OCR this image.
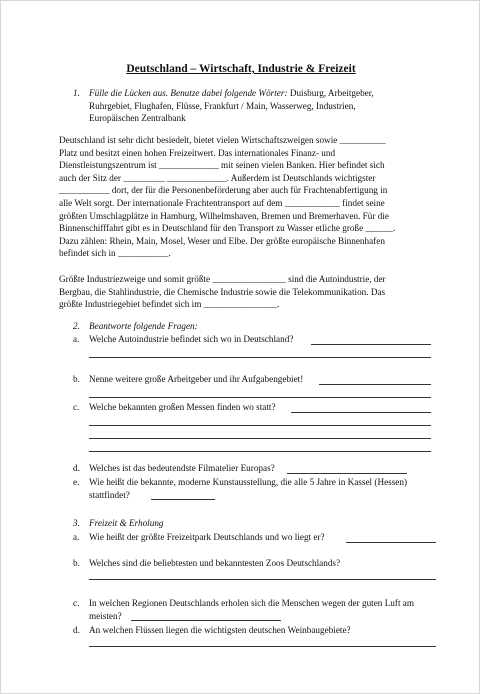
Deutschland – Wirtschaft, Industrie & Freizeit
1. Fülle die Lücken aus. Benutze dabei folgende Wörter: Duisburg, Arbeitgeber,
Ruhrgebiet, Flughafen, Flüsse, Frankfurt / Main, Wasserweg, Industrien,
Europäischen Zentralbank
Deutschland ist sehr dicht besiedelt, bietet vielen Wirtschaftszweigen sowie __________
Platz und besitzt einen hohen Freizeitwert. Das internationales Finanz- und
Dienstleistungszentrum ist _____________ mit seinen vielen Banken. Hier befindet sich
auch der Sitz der _________ _____________. Außerdem ist Deutschlands wichtigster
___________ dort, der für die Personenbeförderung aber auch für Frachtenabfertigung in
alle Welt sorgt. Der internationale Frachtentransport auf dem ____________ findet seine
größten Umschlagplätze in Hamburg, Wilhelmshaven, Bremen und Bremerhaven. Für die
Binnenschifffahrt gibt es in Deutschland für den Transport zu Wasser etliche große ______.
Dazu zählen: Rhein, Main, Mosel, Weser und Elbe. Der größte europäische Binnenhafen
befindet sich in ___________.
Größte Industriezweige und somit größte ________________ sind die Autoindustrie, der
Bergbau, die Stahlindustrie, die Chemische Industrie sowie die Telekommunikation. Das
größte Industriegebiet befindet sich im ________________.
2. Beantworte folgende Fragen:
a. Welche Autoindustrie befindet sich wo in Deutschland?
b. Nenne weitere große Arbeitgeber und ihr Aufgabengebiet!
c. Welche bekannten großen Messen finden wo statt?
d. Welches ist das bedeutendste Filmatelier Europas?
e. Wie heißt die bekannte, moderne Kunstausstellung, die alle 5 Jahre in Kassel (Hessen)
stattfindet?
3. Freizeit & Erholung
a. Wie heißt der größte Freizeitpark Deutschlands und wo liegt er?
b. Welches sind die beliebtesten und bekanntesten Zoos Deutschlands?
c. In welchen Regionen Deutschlands erholen sich die Menschen wegen der guten Luft am
meisten?
d. An welchen Flüssen liegen die wichtigsten deutschen Weinbaugebiete?
